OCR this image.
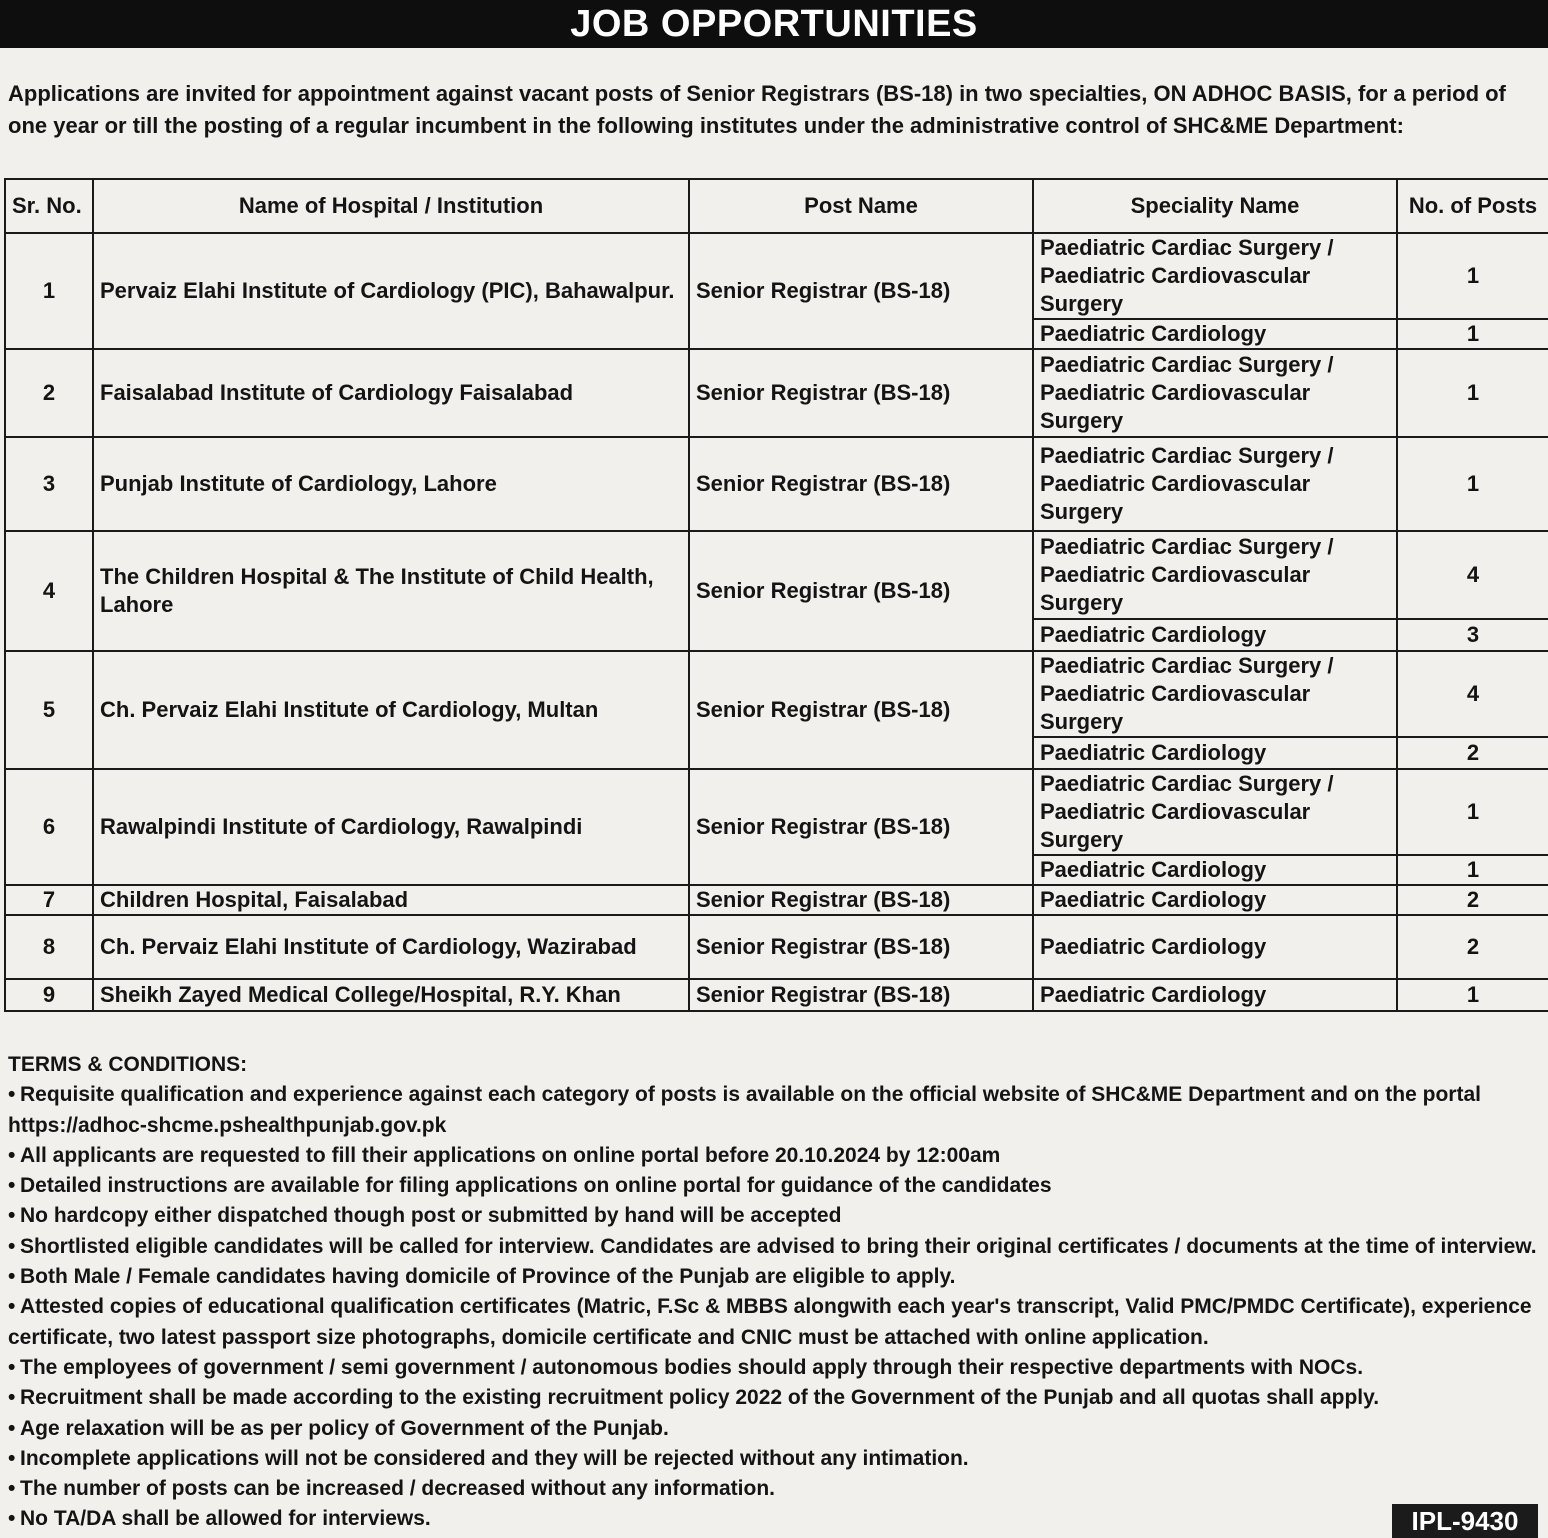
JOB OPPORTUNITIES
Applications are invited for appointment against vacant posts of Senior Registrars (BS-18) in two specialties, ON ADHOC BASIS, for a period of one year or till the posting of a regular incumbent in the following institutes under the administrative control of SHC&ME Department:
Sr. No.	Name of Hospital / Institution	Post Name	Speciality Name	No. of Posts
1	Pervaiz Elahi Institute of Cardiology (PIC), Bahawalpur.	Senior Registrar (BS-18)	Paediatric Cardiac Surgery / Paediatric Cardiovascular Surgery	1
			Paediatric Cardiology	1
2	Faisalabad Institute of Cardiology Faisalabad	Senior Registrar (BS-18)	Paediatric Cardiac Surgery / Paediatric Cardiovascular Surgery	1
3	Punjab Institute of Cardiology, Lahore	Senior Registrar (BS-18)	Paediatric Cardiac Surgery / Paediatric Cardiovascular Surgery	1
4	The Children Hospital & The Institute of Child Health, Lahore	Senior Registrar (BS-18)	Paediatric Cardiac Surgery / Paediatric Cardiovascular Surgery	4
			Paediatric Cardiology	3
5	Ch. Pervaiz Elahi Institute of Cardiology, Multan	Senior Registrar (BS-18)	Paediatric Cardiac Surgery / Paediatric Cardiovascular Surgery	4
			Paediatric Cardiology	2
6	Rawalpindi Institute of Cardiology, Rawalpindi	Senior Registrar (BS-18)	Paediatric Cardiac Surgery / Paediatric Cardiovascular Surgery	1
			Paediatric Cardiology	1
7	Children Hospital, Faisalabad	Senior Registrar (BS-18)	Paediatric Cardiology	2
8	Ch. Pervaiz Elahi Institute of Cardiology, Wazirabad	Senior Registrar (BS-18)	Paediatric Cardiology	2
9	Sheikh Zayed Medical College/Hospital, R.Y. Khan	Senior Registrar (BS-18)	Paediatric Cardiology	1
TERMS & CONDITIONS:
• Requisite qualification and experience against each category of posts is available on the official website of SHC&ME Department and on the portal https://adhoc-shcme.pshealthpunjab.gov.pk
• All applicants are requested to fill their applications on online portal before 20.10.2024 by 12:00am
• Detailed instructions are available for filing applications on online portal for guidance of the candidates
• No hardcopy either dispatched though post or submitted by hand will be accepted
• Shortlisted eligible candidates will be called for interview. Candidates are advised to bring their original certificates / documents at the time of interview.
• Both Male / Female candidates having domicile of Province of the Punjab are eligible to apply.
• Attested copies of educational qualification certificates (Matric, F.Sc & MBBS alongwith each year's transcript, Valid PMC/PMDC Certificate), experience certificate, two latest passport size photographs, domicile certificate and CNIC must be attached with online application.
• The employees of government / semi government / autonomous bodies should apply through their respective departments with NOCs.
• Recruitment shall be made according to the existing recruitment policy 2022 of the Government of the Punjab and all quotas shall apply.
• Age relaxation will be as per policy of Government of the Punjab.
• Incomplete applications will not be considered and they will be rejected without any intimation.
• The number of posts can be increased / decreased without any information.
• No TA/DA shall be allowed for interviews.	IPL-9430
